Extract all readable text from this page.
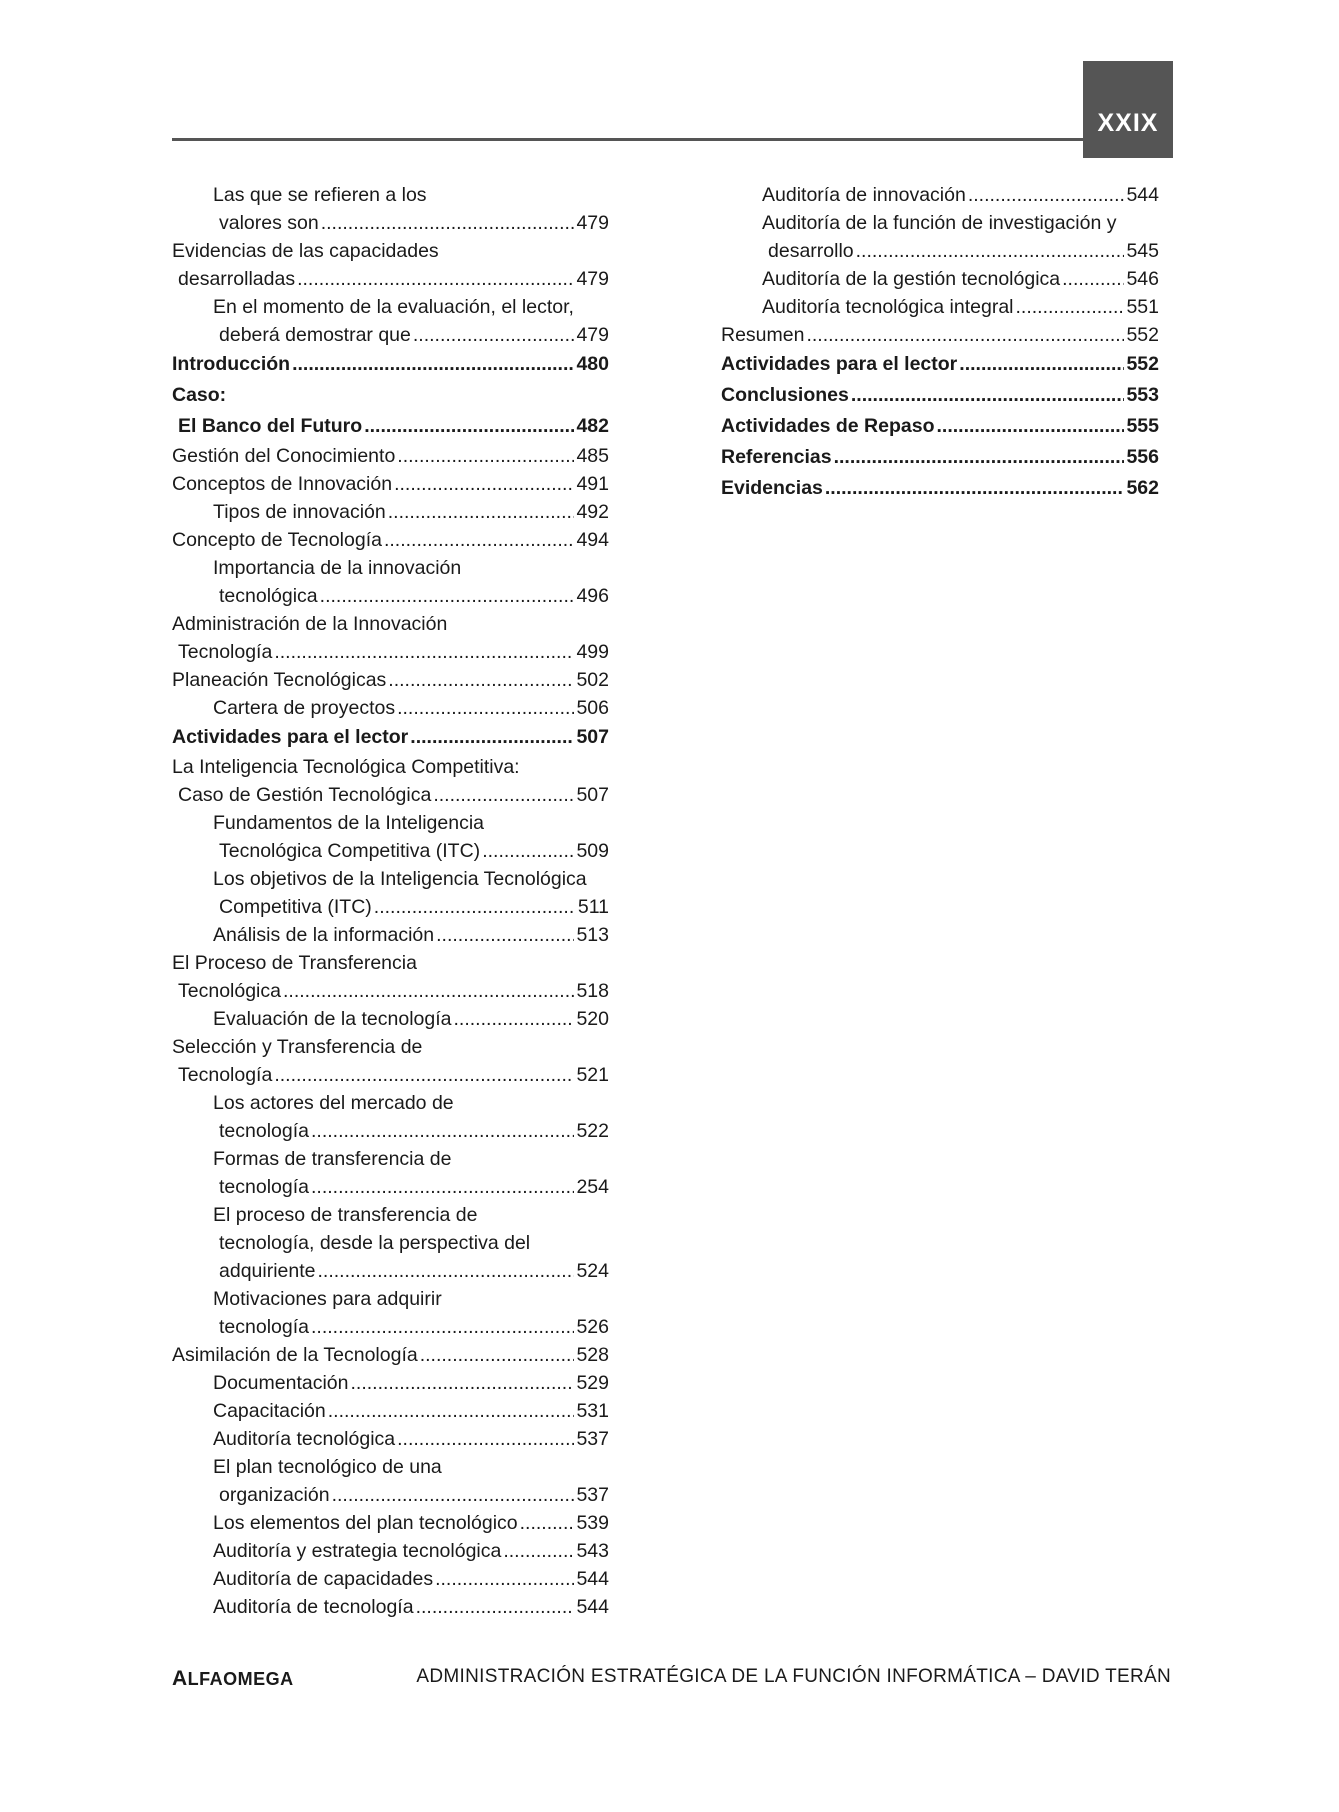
XXIX
Las que se refieren a los
valores son .....	479
Evidencias de las capacidades
desarrolladas .....	479
En el momento de la evaluación, el lector,
deberá demostrar que .....	479
Introducción .....	480
Caso:
El Banco del Futuro .....	482
Gestión del Conocimiento .....	485
Conceptos de Innovación .....	491
Tipos de innovación .....	492
Concepto de Tecnología .....	494
Importancia de la innovación
tecnológica .....	496
Administración de la Innovación
Tecnología .....	499
Planeación Tecnológicas .....	502
Cartera de proyectos .....	506
Actividades para el lector .....	507
La Inteligencia Tecnológica Competitiva:
Caso de Gestión Tecnológica .....	507
Fundamentos de la Inteligencia
Tecnológica Competitiva (ITC) .....	509
Los objetivos de la Inteligencia Tecnológica
Competitiva (ITC) .....	511
Análisis de la información .....	513
El Proceso de Transferencia
Tecnológica .....	518
Evaluación de la tecnología .....	520
Selección y Transferencia de
Tecnología .....	521
Los actores del mercado de
tecnología .....	522
Formas de transferencia de
tecnología .....	254
El proceso de transferencia de
tecnología, desde la perspectiva del
adquiriente .....	524
Motivaciones para adquirir
tecnología .....	526
Asimilación de la Tecnología .....	528
Documentación .....	529
Capacitación .....	531
Auditoría tecnológica .....	537
El plan tecnológico de una
organización .....	537
Los elementos del plan tecnológico .....	539
Auditoría y estrategia tecnológica .....	543
Auditoría de capacidades .....	544
Auditoría de tecnología .....	544
Auditoría de innovación .....	544
Auditoría de la función de investigación y
desarrollo .....	545
Auditoría de la gestión tecnológica .....	546
Auditoría tecnológica integral .....	551
Resumen .....	552
Actividades para el lector .....	552
Conclusiones .....	553
Actividades de Repaso .....	555
Referencias .....	556
Evidencias .....	562
ALFAOMEGA	ADMINISTRACIÓN ESTRATÉGICA DE LA FUNCIÓN INFORMÁTICA – DAVID TERÁN
